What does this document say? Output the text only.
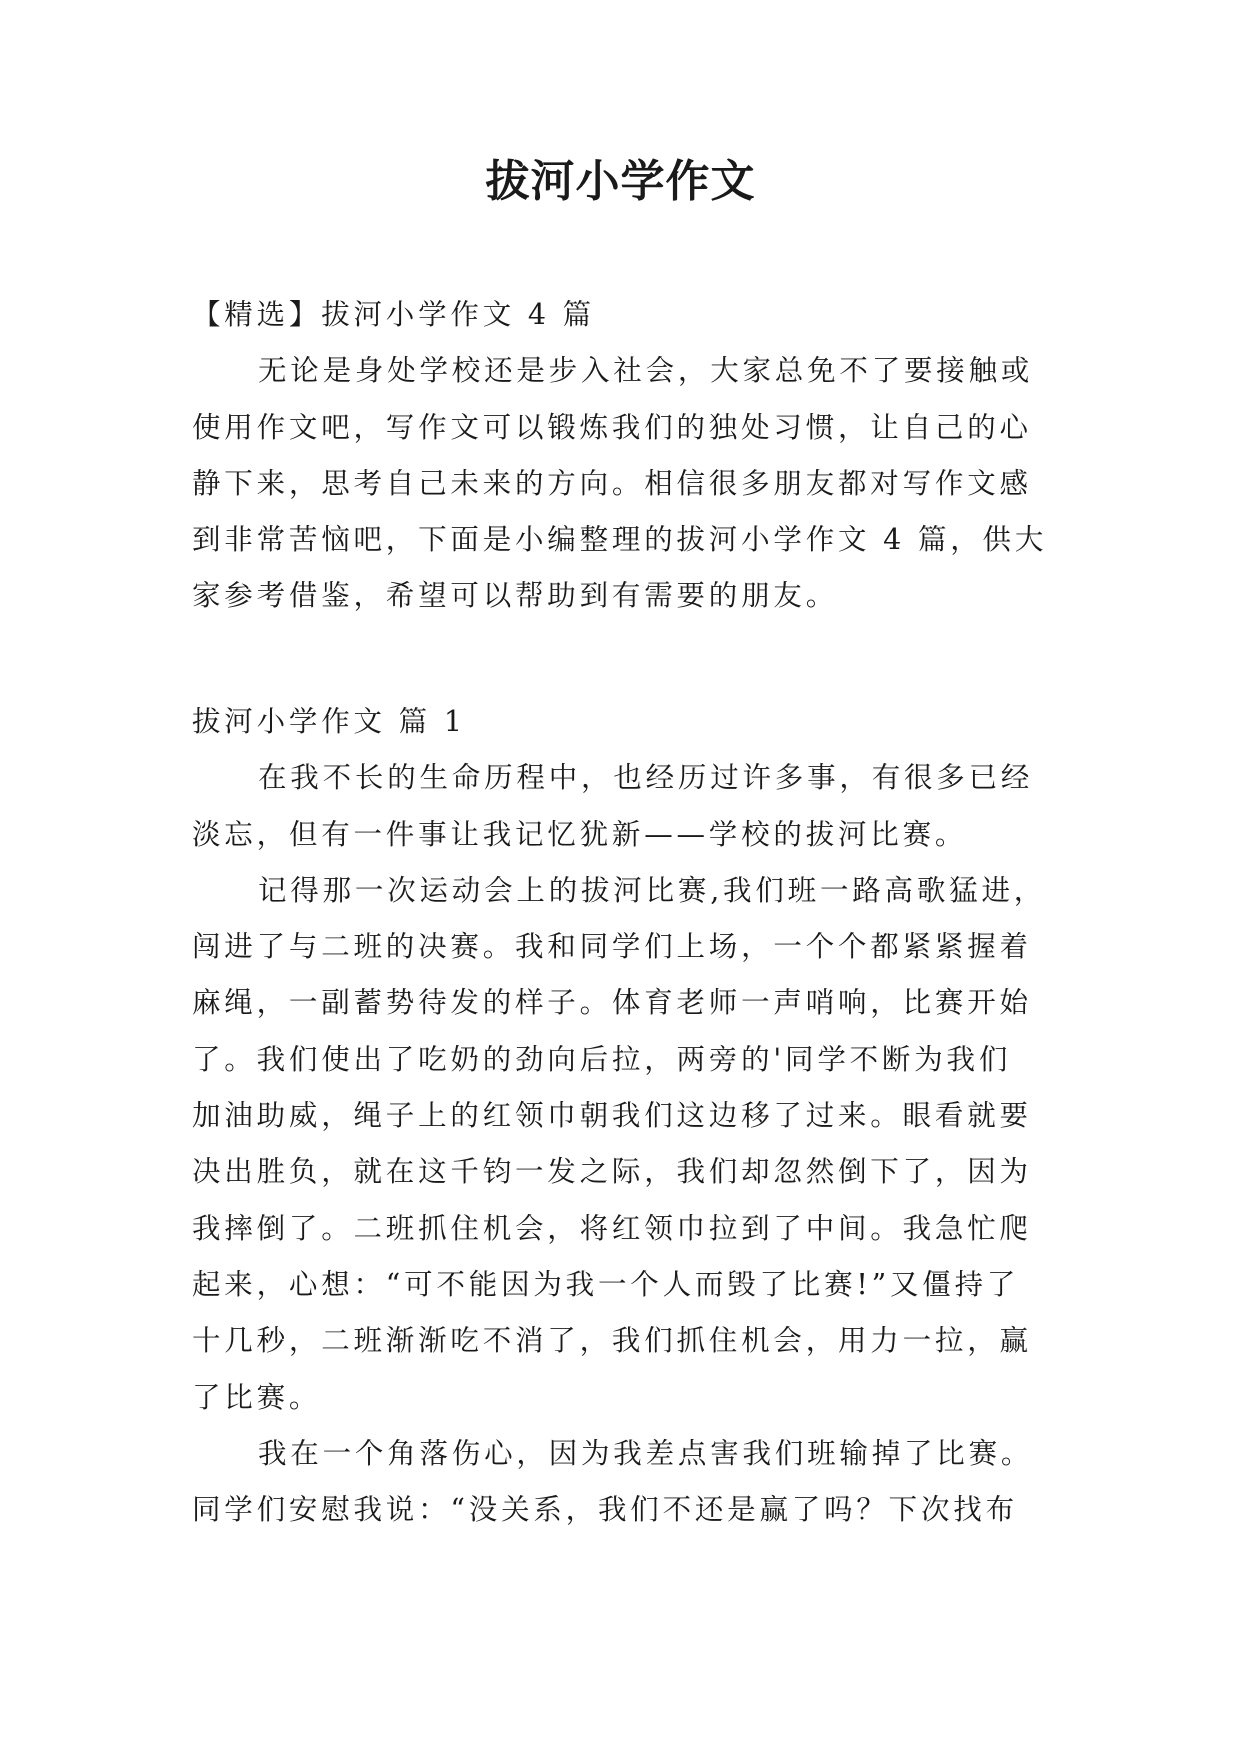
拔河小学作文
【精选】拔河小学作文 4 篇
无论是身处学校还是步入社会，大家总免不了要接触或
使用作文吧，写作文可以锻炼我们的独处习惯，让自己的心
静下来，思考自己未来的方向。相信很多朋友都对写作文感
到非常苦恼吧，下面是小编整理的拔河小学作文 4 篇，供大
家参考借鉴，希望可以帮助到有需要的朋友。
拔河小学作文 篇 1
在我不长的生命历程中，也经历过许多事，有很多已经
淡忘，但有一件事让我记忆犹新——学校的拔河比赛。
记得那一次运动会上的拔河比赛,我们班一路高歌猛进，
闯进了与二班的决赛。我和同学们上场，一个个都紧紧握着
麻绳，一副蓄势待发的样子。体育老师一声哨响，比赛开始
了。我们使出了吃奶的劲向后拉，两旁的'同学不断为我们
加油助威，绳子上的红领巾朝我们这边移了过来。眼看就要
决出胜负，就在这千钧一发之际，我们却忽然倒下了，因为
我摔倒了。二班抓住机会，将红领巾拉到了中间。我急忙爬
起来，心想：“可不能因为我一个人而毁了比赛!”又僵持了
十几秒，二班渐渐吃不消了，我们抓住机会，用力一拉，赢
了比赛。
我在一个角落伤心，因为我差点害我们班输掉了比赛。
同学们安慰我说：“没关系，我们不还是赢了吗？下次找布
